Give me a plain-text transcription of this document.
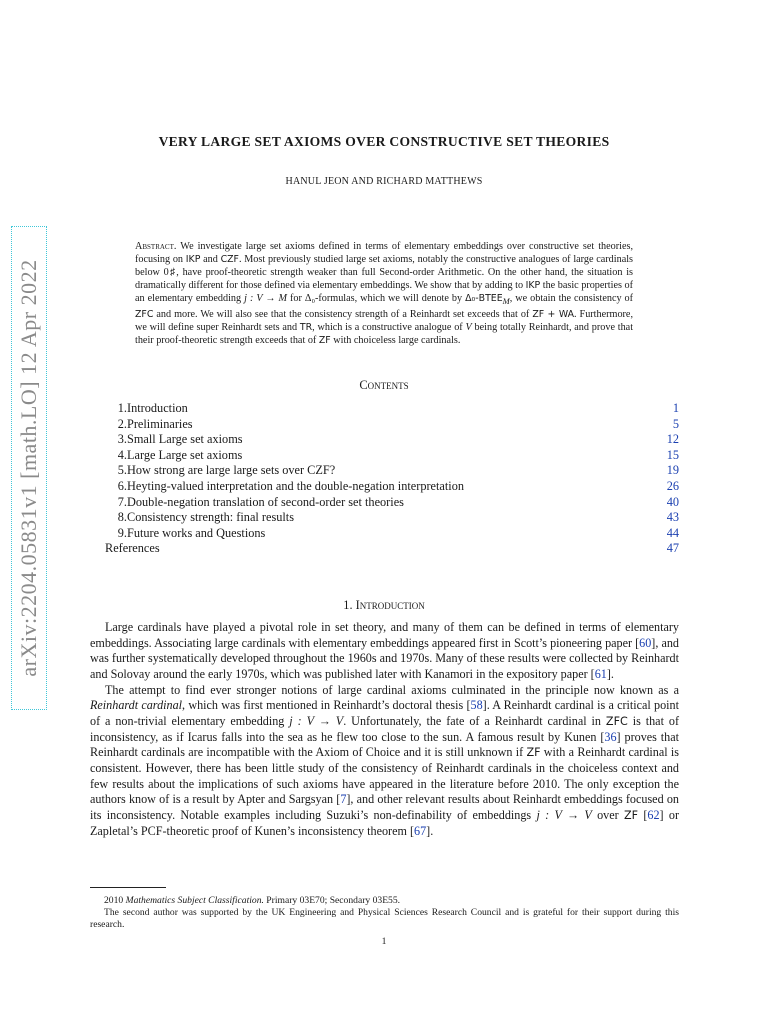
arXiv:2204.05831v1 [math.LO] 12 Apr 2022
VERY LARGE SET AXIOMS OVER CONSTRUCTIVE SET THEORIES
HANUL JEON AND RICHARD MATTHEWS
Abstract. We investigate large set axioms defined in terms of elementary embeddings over constructive set theories, focusing on IKP and CZF. Most previously studied large set axioms, notably the constructive analogues of large cardinals below 0♯, have proof-theoretic strength weaker than full Second-order Arithmetic. On the other hand, the situation is dramatically different for those defined via elementary embeddings. We show that by adding to IKP the basic properties of an elementary embedding j : V → M for Δ₀-formulas, which we will denote by $\Delta_0-BTEE_M$, we obtain the consistency of ZFC and more. We will also see that the consistency strength of a Reinhardt set exceeds that of ZF + WA. Furthermore, we will define super Reinhardt sets and TR, which is a constructive analogue of V being totally Reinhardt, and prove that their proof-theoretic strength exceeds that of ZF with choiceless large cardinals.
Contents
1. Introduction	1
2. Preliminaries	5
3. Small Large set axioms	12
4. Large Large set axioms	15
5. How strong are large large sets over CZF?	19
6. Heyting-valued interpretation and the double-negation interpretation	26
7. Double-negation translation of second-order set theories	40
8. Consistency strength: final results	43
9. Future works and Questions	44
References	47
1. Introduction

Large cardinals have played a pivotal role in set theory, and many of them can be defined in terms of elementary embeddings. Associating large cardinals with elementary embeddings appeared first in Scott’s pioneering paper [60], and was further systematically developed throughout the 1960s and 1970s. Many of these results were collected by Reinhardt and Solovay around the early 1970s, which was published later with Kanamori in the expository paper [61].

The attempt to find ever stronger notions of large cardinal axioms culminated in the principle now known as a Reinhardt cardinal, which was first mentioned in Reinhardt’s doctoral thesis [58]. A Reinhardt cardinal is a critical point of a non-trivial elementary embedding j : V → V. Unfortunately, the fate of a Reinhardt cardinal in ZFC is that of inconsistency, as if Icarus falls into the sea as he flew too close to the sun. A famous result by Kunen [36] proves that Reinhardt cardinals are incompatible with the Axiom of Choice and it is still unknown if ZF with a Reinhardt cardinal is consistent. However, there has been little study of the consistency of Reinhardt cardinals in the choiceless context and few results about the implications of such axioms have appeared in the literature before 2010. The only exception the authors know of is a result by Apter and Sargsyan [7], and other relevant results about Reinhardt embeddings focused on its inconsistency. Notable examples including Suzuki’s non-definability of embeddings j : V → V over ZF [62] or Zapletal’s PCF-theoretic proof of Kunen’s inconsistency theorem [67].

2010 Mathematics Subject Classification. Primary 03E70; Secondary 03E55.

The second author was supported by the UK Engineering and Physical Sciences Research Council and is grateful for their support during this research.

1
